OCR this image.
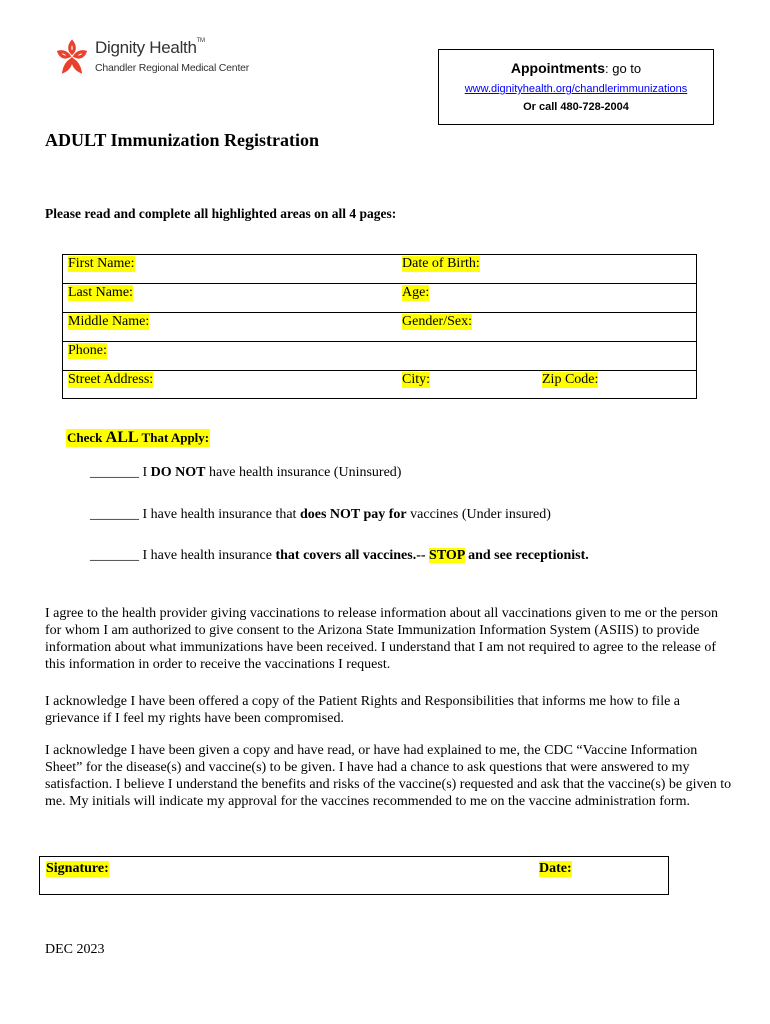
Dignity Health™
Chandler Regional Medical Center	Appointments: go to
www.dignityhealth.org/chandlerimmunizations
Or call 480-728-2004
ADULT Immunization Registration
Please read and complete all highlighted areas on all 4 pages:
First Name:	Date of Birth:
Last Name:	Age:
Middle Name:	Gender/Sex:
Phone:
Street Address:	City:	Zip Code:
Check ALL That Apply:
_______ I DO NOT have health insurance (Uninsured)
_______ I have health insurance that does NOT pay for vaccines (Under insured)
_______ I have health insurance that covers all vaccines.-- STOP and see receptionist.
I agree to the health provider giving vaccinations to release information about all vaccinations given to me or the person for whom I am authorized to give consent to the Arizona State Immunization Information System (ASIIS) to provide information about what immunizations have been received. I understand that I am not required to agree to the release of this information in order to receive the vaccinations I request.
I acknowledge I have been offered a copy of the Patient Rights and Responsibilities that informs me how to file a grievance if I feel my rights have been compromised.
I acknowledge I have been given a copy and have read, or have had explained to me, the CDC “Vaccine Information Sheet” for the disease(s) and vaccine(s) to be given. I have had a chance to ask questions that were answered to my satisfaction. I believe I understand the benefits and risks of the vaccine(s) requested and ask that the vaccine(s) be given to me. My initials will indicate my approval for the vaccines recommended to me on the vaccine administration form.
Signature:	Date:
DEC 2023
